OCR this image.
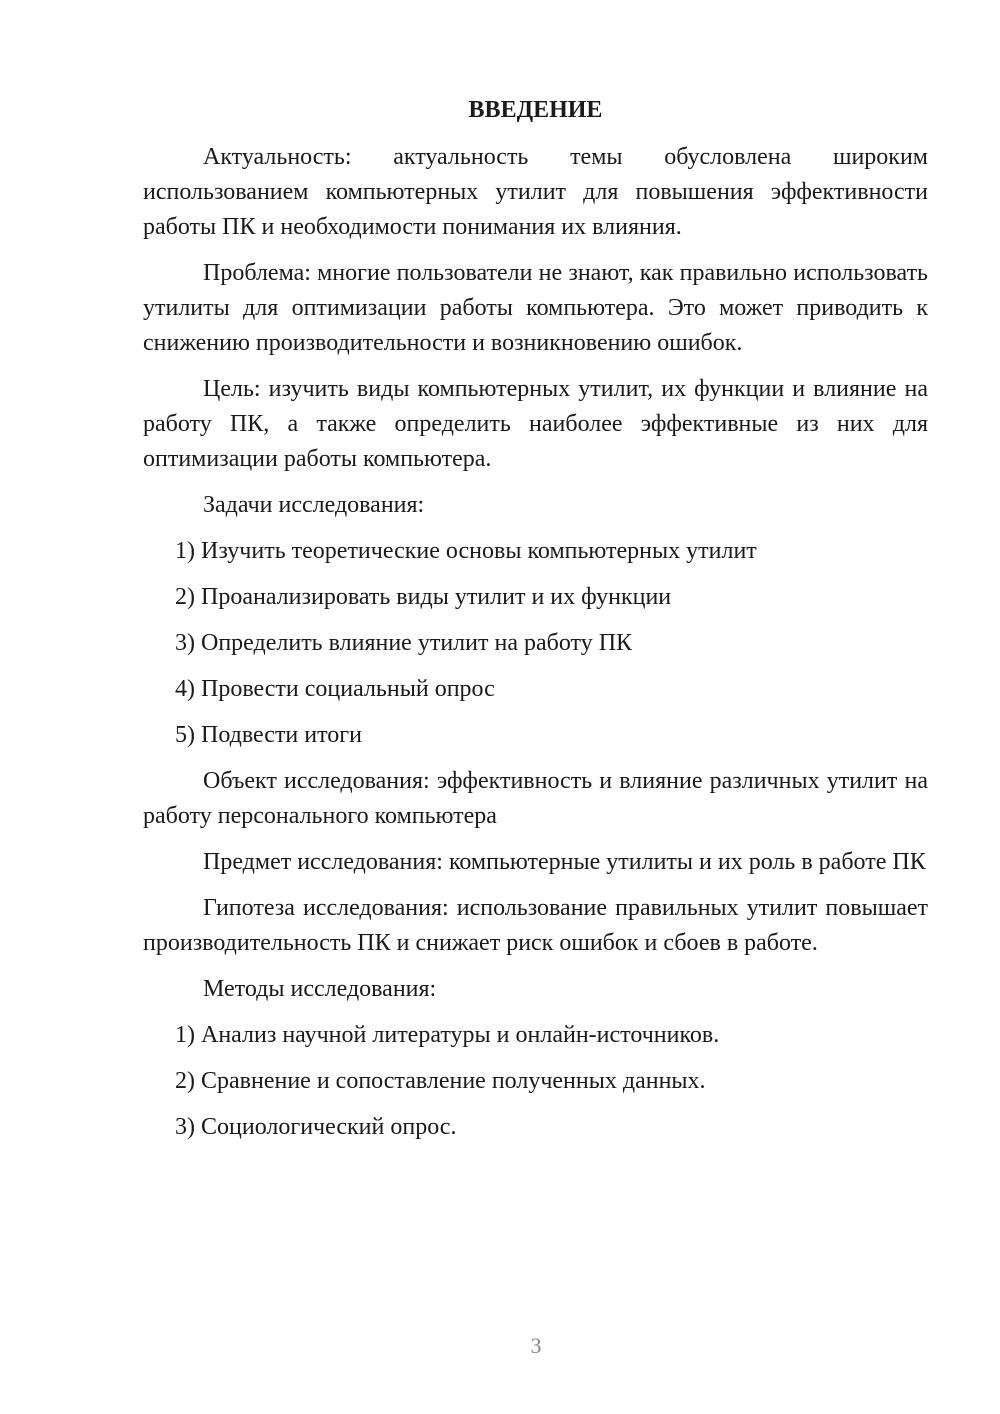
ВВЕДЕНИЕ

Актуальность: актуальность темы обусловлена широким использованием компьютерных утилит для повышения эффективности работы ПК и необходимости понимания их влияния.

Проблема: многие пользователи не знают, как правильно использовать утилиты для оптимизации работы компьютера. Это может приводить к снижению производительности и возникновению ошибок.

Цель: изучить виды компьютерных утилит, их функции и влияние на работу ПК, а также определить наиболее эффективные из них для оптимизации работы компьютера.

Задачи исследования:

1) Изучить теоретические основы компьютерных утилит
2) Проанализировать виды утилит и их функции
3) Определить влияние утилит на работу ПК
4) Провести социальный опрос
5) Подвести итоги

Объект исследования: эффективность и влияние различных утилит на работу персонального компьютера

Предмет исследования: компьютерные утилиты и их роль в работе ПК

Гипотеза исследования: использование правильных утилит повышает производительность ПК и снижает риск ошибок и сбоев в работе.

Методы исследования:

1) Анализ научной литературы и онлайн-источников.
2) Сравнение и сопоставление полученных данных.
3) Социологический опрос.
3
